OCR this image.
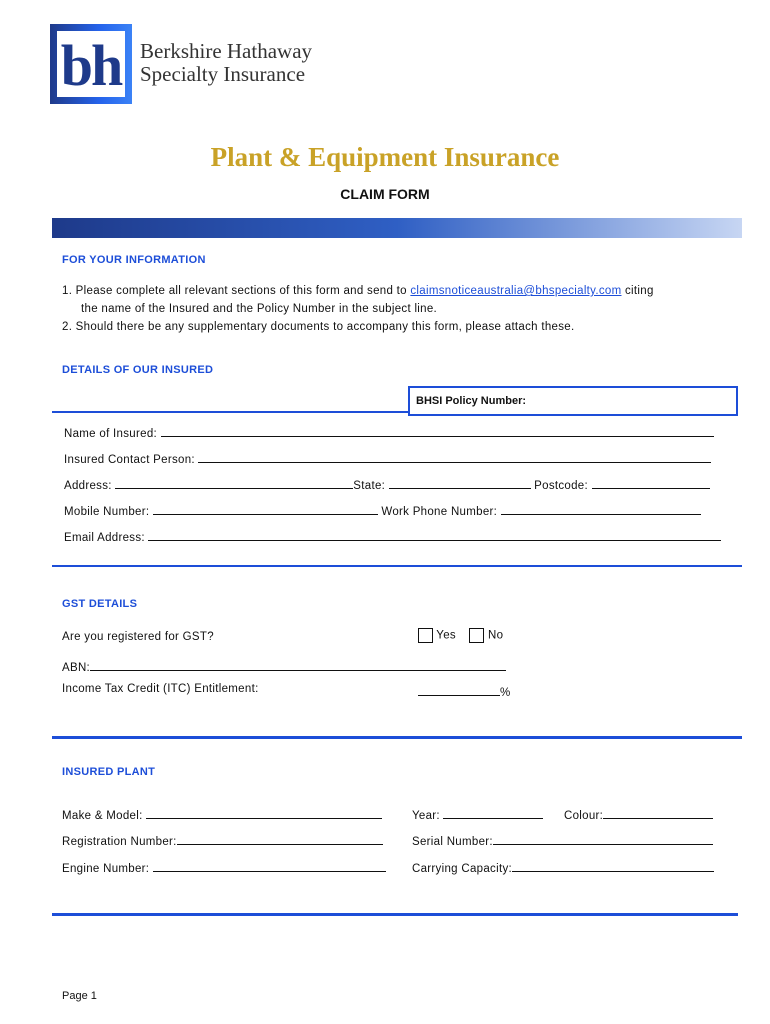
bh Berkshire Hathaway
Specialty Insurance
Plant & Equipment Insurance
CLAIM FORM
FOR YOUR INFORMATION
1. Please complete all relevant sections of this form and send to claimsnoticeaustralia@bhspecialty.com citing
the name of the Insured and the Policy Number in the subject line.
2. Should there be any supplementary documents to accompany this form, please attach these.
DETAILS OF OUR INSURED
BHSI Policy Number:
Name of Insured:
Insured Contact Person:
Address:	State:	Postcode:
Mobile Number:	Work Phone Number:
Email Address:
GST DETAILS
Are you registered for GST?	Yes	No
ABN:
Income Tax Credit (ITC) Entitlement:	%
INSURED PLANT
Make & Model:	Year:	Colour:
Registration Number:	Serial Number:
Engine Number:	Carrying Capacity:
Page 1
